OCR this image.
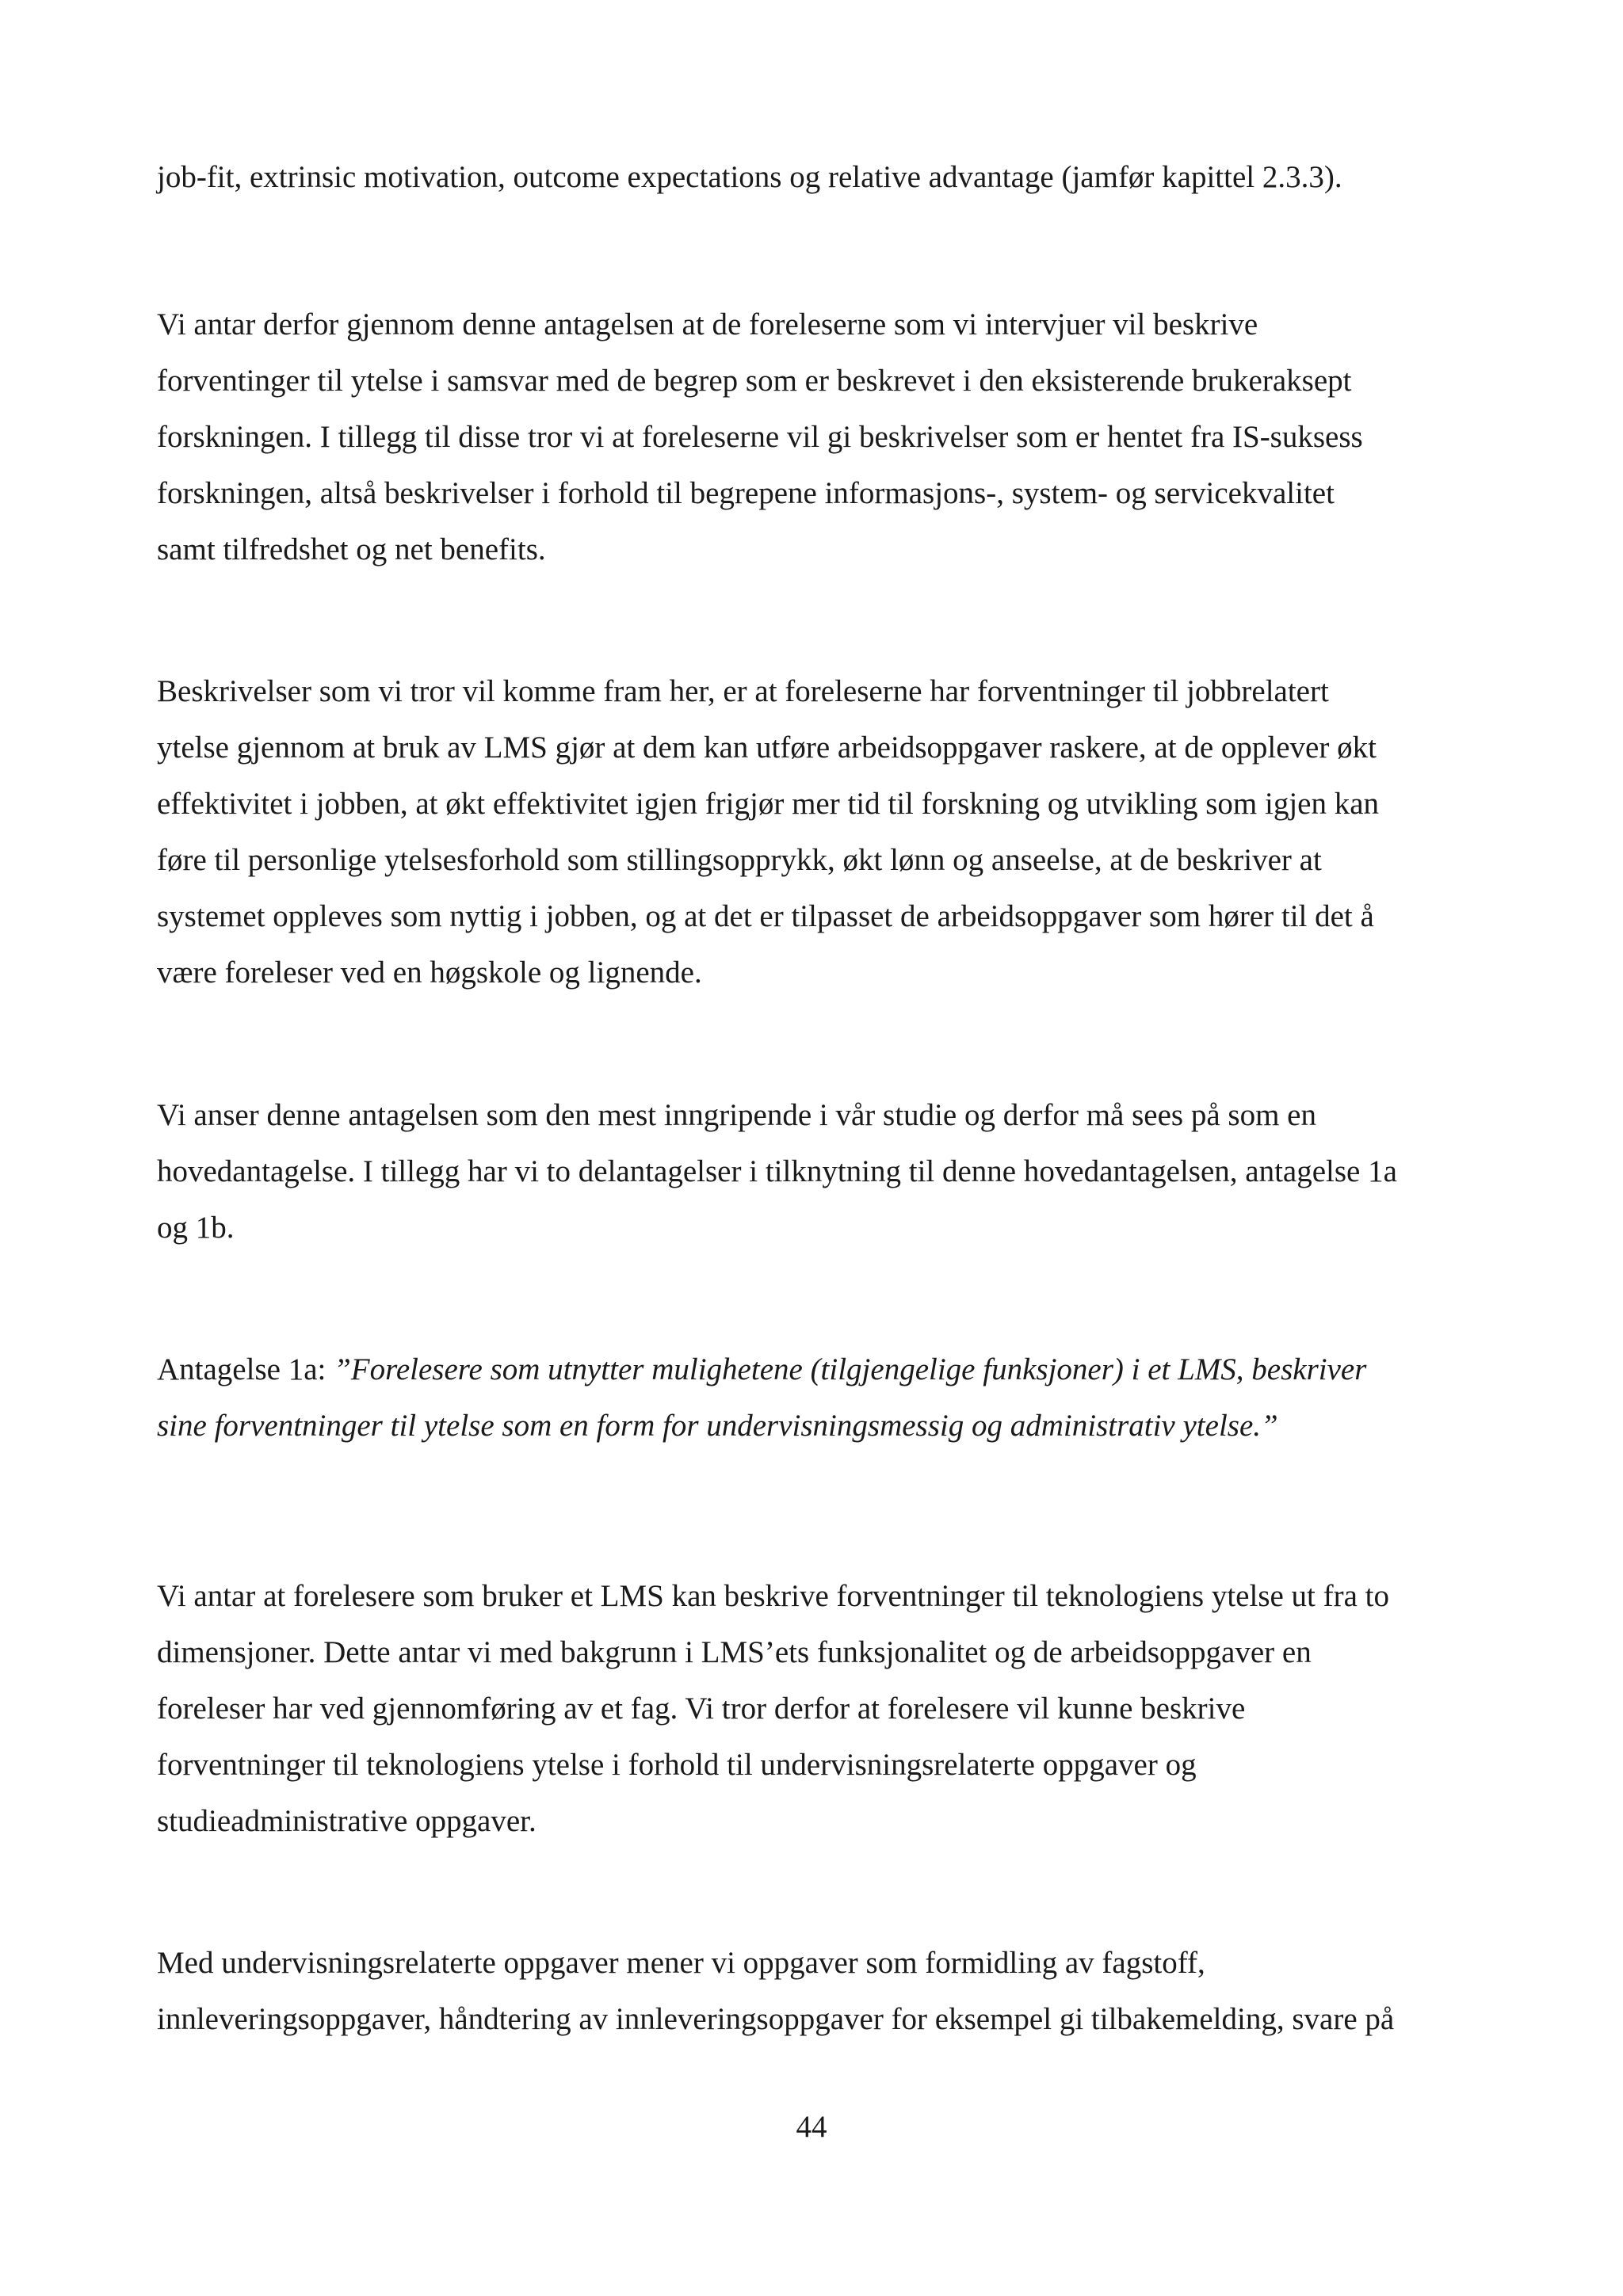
job-fit, extrinsic motivation, outcome expectations og relative advantage (jamfør kapittel 2.3.3).

Vi antar derfor gjennom denne antagelsen at de foreleserne som vi intervjuer vil beskrive
forventinger til ytelse i samsvar med de begrep som er beskrevet i den eksisterende brukeraksept
forskningen. I tillegg til disse tror vi at foreleserne vil gi beskrivelser som er hentet fra IS-suksess
forskningen, altså beskrivelser i forhold til begrepene informasjons-, system- og servicekvalitet
samt tilfredshet og net benefits.

Beskrivelser som vi tror vil komme fram her, er at foreleserne har forventninger til jobbrelatert
ytelse gjennom at bruk av LMS gjør at dem kan utføre arbeidsoppgaver raskere, at de opplever økt
effektivitet i jobben, at økt effektivitet igjen frigjør mer tid til forskning og utvikling som igjen kan
føre til personlige ytelsesforhold som stillingsopprykk, økt lønn og anseelse, at de beskriver at
systemet oppleves som nyttig i jobben, og at det er tilpasset de arbeidsoppgaver som hører til det å
være foreleser ved en høgskole og lignende.

Vi anser denne antagelsen som den mest inngripende i vår studie og derfor må sees på som en
hovedantagelse. I tillegg har vi to delantagelser i tilknytning til denne hovedantagelsen, antagelse 1a
og 1b.

Antagelse 1a: ”Forelesere som utnytter mulighetene (tilgjengelige funksjoner) i et LMS, beskriver
sine forventninger til ytelse som en form for undervisningsmessig og administrativ ytelse.”

Vi antar at forelesere som bruker et LMS kan beskrive forventninger til teknologiens ytelse ut fra to
dimensjoner. Dette antar vi med bakgrunn i LMS’ets funksjonalitet og de arbeidsoppgaver en
foreleser har ved gjennomføring av et fag. Vi tror derfor at forelesere vil kunne beskrive
forventninger til teknologiens ytelse i forhold til undervisningsrelaterte oppgaver og
studieadministrative oppgaver.

Med undervisningsrelaterte oppgaver mener vi oppgaver som formidling av fagstoff,
innleveringsoppgaver, håndtering av innleveringsoppgaver for eksempel gi tilbakemelding, svare på

44
